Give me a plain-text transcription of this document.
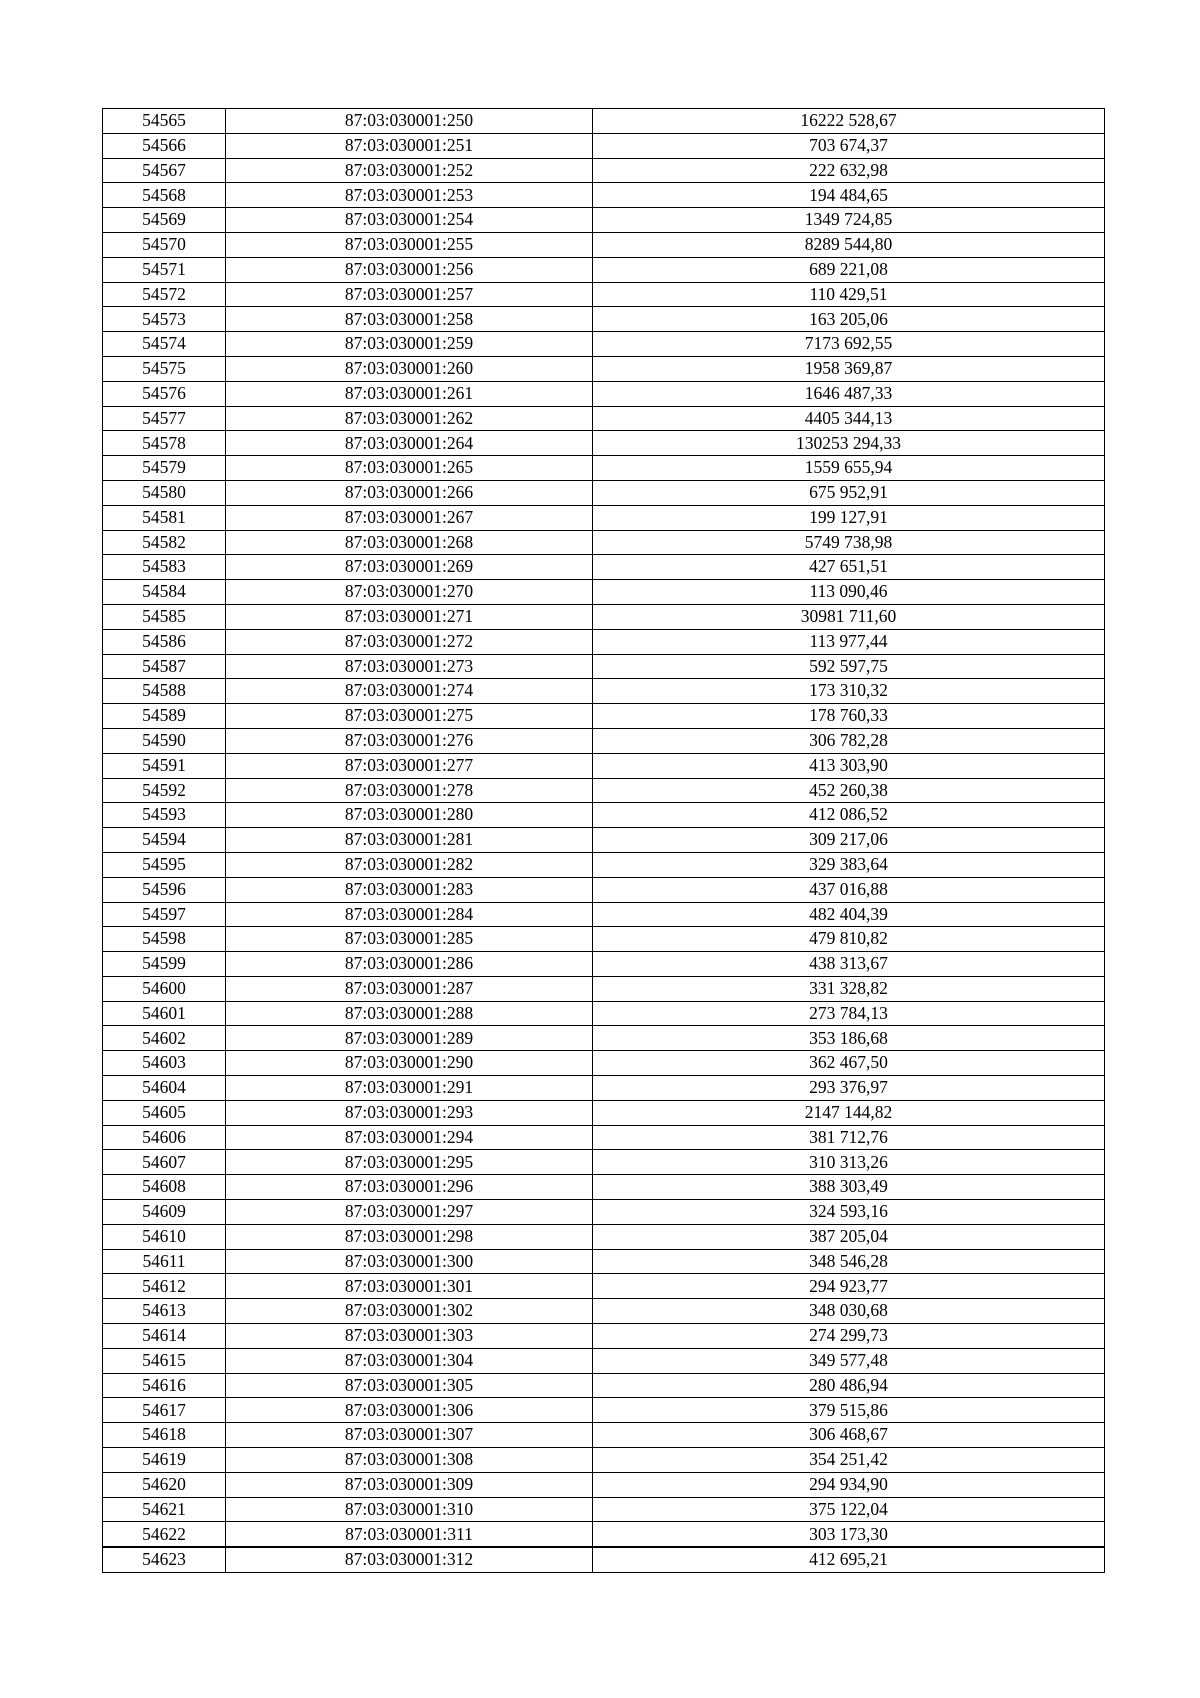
54565	87:03:030001:250	16222 528,67
54566	87:03:030001:251	703 674,37
54567	87:03:030001:252	222 632,98
54568	87:03:030001:253	194 484,65
54569	87:03:030001:254	1349 724,85
54570	87:03:030001:255	8289 544,80
54571	87:03:030001:256	689 221,08
54572	87:03:030001:257	110 429,51
54573	87:03:030001:258	163 205,06
54574	87:03:030001:259	7173 692,55
54575	87:03:030001:260	1958 369,87
54576	87:03:030001:261	1646 487,33
54577	87:03:030001:262	4405 344,13
54578	87:03:030001:264	130253 294,33
54579	87:03:030001:265	1559 655,94
54580	87:03:030001:266	675 952,91
54581	87:03:030001:267	199 127,91
54582	87:03:030001:268	5749 738,98
54583	87:03:030001:269	427 651,51
54584	87:03:030001:270	113 090,46
54585	87:03:030001:271	30981 711,60
54586	87:03:030001:272	113 977,44
54587	87:03:030001:273	592 597,75
54588	87:03:030001:274	173 310,32
54589	87:03:030001:275	178 760,33
54590	87:03:030001:276	306 782,28
54591	87:03:030001:277	413 303,90
54592	87:03:030001:278	452 260,38
54593	87:03:030001:280	412 086,52
54594	87:03:030001:281	309 217,06
54595	87:03:030001:282	329 383,64
54596	87:03:030001:283	437 016,88
54597	87:03:030001:284	482 404,39
54598	87:03:030001:285	479 810,82
54599	87:03:030001:286	438 313,67
54600	87:03:030001:287	331 328,82
54601	87:03:030001:288	273 784,13
54602	87:03:030001:289	353 186,68
54603	87:03:030001:290	362 467,50
54604	87:03:030001:291	293 376,97
54605	87:03:030001:293	2147 144,82
54606	87:03:030001:294	381 712,76
54607	87:03:030001:295	310 313,26
54608	87:03:030001:296	388 303,49
54609	87:03:030001:297	324 593,16
54610	87:03:030001:298	387 205,04
54611	87:03:030001:300	348 546,28
54612	87:03:030001:301	294 923,77
54613	87:03:030001:302	348 030,68
54614	87:03:030001:303	274 299,73
54615	87:03:030001:304	349 577,48
54616	87:03:030001:305	280 486,94
54617	87:03:030001:306	379 515,86
54618	87:03:030001:307	306 468,67
54619	87:03:030001:308	354 251,42
54620	87:03:030001:309	294 934,90
54621	87:03:030001:310	375 122,04
54622	87:03:030001:311	303 173,30
54623	87:03:030001:312	412 695,21
